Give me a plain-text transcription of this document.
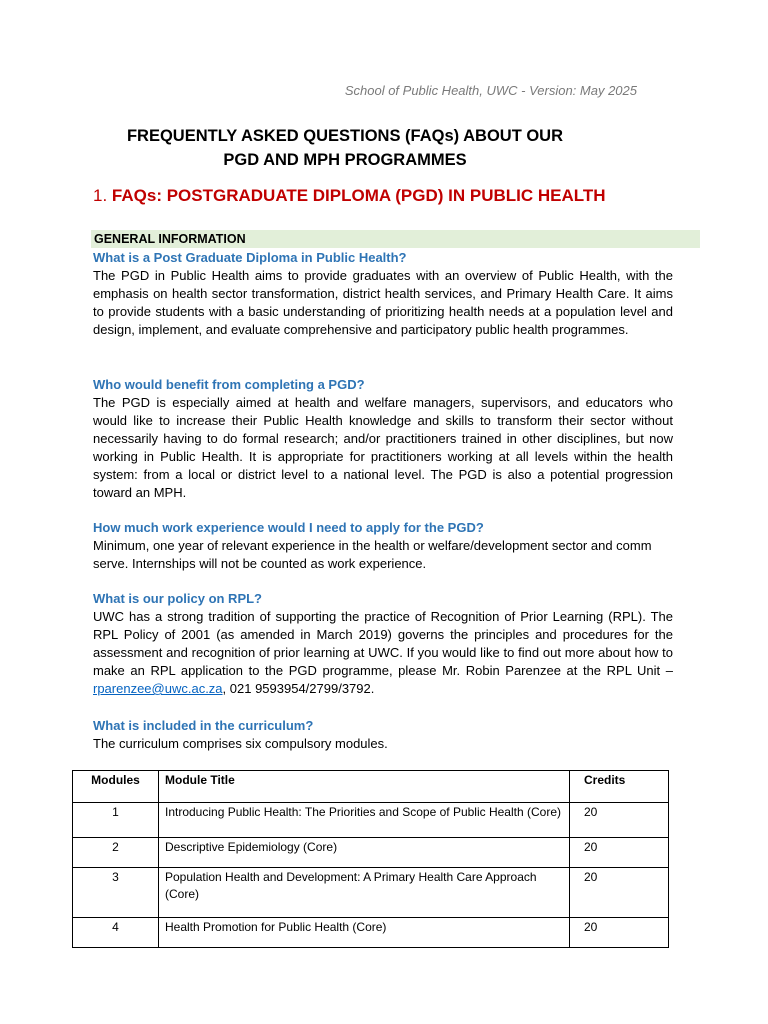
School of Public Health, UWC - Version: May 2025
FREQUENTLY ASKED QUESTIONS (FAQs) ABOUT OUR
PGD AND MPH PROGRAMMES
1. FAQs: POSTGRADUATE DIPLOMA (PGD) IN PUBLIC HEALTH
GENERAL INFORMATION
What is a Post Graduate Diploma in Public Health?

The PGD in Public Health aims to provide graduates with an overview of Public Health, with the emphasis on health sector transformation, district health services, and Primary Health Care. It aims to provide students with a basic understanding of prioritizing health needs at a population level and design, implement, and evaluate comprehensive and participatory public health programmes.

Who would benefit from completing a PGD?

The PGD is especially aimed at health and welfare managers, supervisors, and educators who would like to increase their Public Health knowledge and skills to transform their sector without necessarily having to do formal research; and/or practitioners trained in other disciplines, but now working in Public Health. It is appropriate for practitioners working at all levels within the health system: from a local or district level to a national level. The PGD is also a potential progression toward an MPH.

How much work experience would I need to apply for the PGD?

Minimum, one year of relevant experience in the health or welfare/development sector and comm

serve. Internships will not be counted as work experience.

What is our policy on RPL?

UWC has a strong tradition of supporting the practice of Recognition of Prior Learning (RPL). The RPL Policy of 2001 (as amended in March 2019) governs the principles and procedures for the assessment and recognition of prior learning at UWC. If you would like to find out more about how to make an RPL application to the PGD programme, please Mr. Robin Parenzee at the RPL Unit – rparenzee@uwc.ac.za, 021 9593954/2799/3792.

What is included in the curriculum?

The curriculum comprises six compulsory modules.

Modules	Module Title	Credits
1	Introducing Public Health: The Priorities and Scope of Public Health (Core)	20
2	Descriptive Epidemiology (Core)	20
3	Population Health and Development: A Primary Health Care Approach (Core)	20
4	Health Promotion for Public Health (Core)	20
